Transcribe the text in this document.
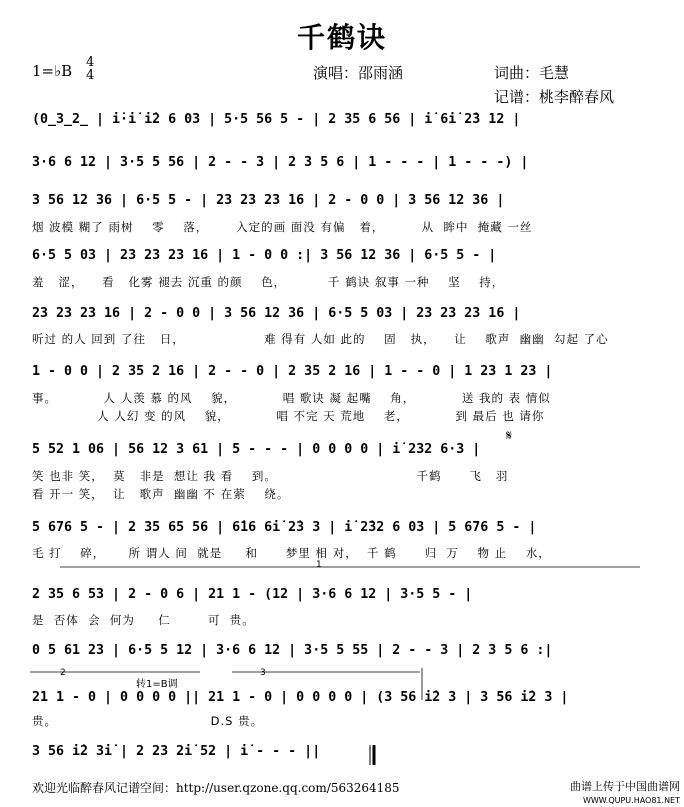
千鹤诀
1=♭B 4
4	演唱：邵雨涵	词曲：毛慧
记谱：桃李醉春风
(0̲3̲2̲ | i̇·i̇ i̇2 6 03 | 5·5 56 5 - | 2 35 6 56 | i̇ 6i̇ 2̇3 12 |
3·6 6 12 | 3·5 5 56 | 2 - - 3 | 2 3 5 6 | 1 - - - | 1 - - -) |
3 56 12 36 | 6·5 5 - | 23 23 23 16 | 2 - 0 0 | 3 56 12 36 |
烟 波模 糊了 雨树    零    落，      入定的画 面没 有偏   着，        从  眸中  掩藏 一丝
6·5 5 03 | 23 23 23 16 | 1 - 0 0 :| 3 56 12 36 | 6·5 5 - |
羞   涩，    看   化雾 褪去 沉重 的颜    色，         千 鹤诀 叙事 一种    坚    持，
23 23 23 16 | 2 - 0 0 | 3 56 12 36 | 6·5 5 03 | 23 23 23 16 |
听过 的人 回到 了往   日，                 难 得有 人如 此的    固   执，    让    歌声  幽幽  勾起 了心
1 - 0 0 | 2 35 2 16 | 2 - - 0 | 2 35 2 16 | 1 - - 0 | 1 23 1 23 |
事。          人 人羡 慕 的风    貌，          唱 歌诀 凝 起嘴    角，          送 我的 表 情似
人 人幻 变 的风    貌，          唱 不完 天 荒地    老，          到 最后 也 请你
5 52 1 06 | 56 12 3 61 | 5 - - - | 0 0 0 0 | i̇ 232 6·3 |
笑 也非 笑，  莫   非是  想让 我 看    到。                              千鹤      飞   羽
看 开一 笑，  让   歌声  幽幽 不 在萦    绕。
𝄋
5 676 5 - | 2 35 65 56 | 6̇16 6i̇ 2̇3 3 | i̇ 2̇32 6 03 | 5 676 5 - |
毛 打    碎，     所 谓人 间  就是     和      梦里 相 对，  千 鹤      归  万    物 止    水，
1
2 35 6 53 | 2 - 0 6 | 21 1 - (12 | 3·6 6 12 | 3·5 5 - |
是  否体  会  何为     仁        可  贵。
0 5 61 23 | 6·5 5 12 | 3·6 6 12 | 3·5 5 55 | 2 - - 3 | 2 3 5 6 :|
2	3
转1=B调
21 1 - 0 | 0 0 0 0 || 21 1 - 0 | 0 0 0 0 | (3 56 i̇2 3 | 3 56 i̇2 3 |
贵。                                 D.S 贵。
3 56 i̇2 3i̇ | 2 23 2i̇ 52 | i̇ - - - ||
欢迎光临醉春风记谱空间：http://user.qzone.qq.com/563264185	曲谱上传于中国曲谱网
WWW.QUPU.HAO81.NET
